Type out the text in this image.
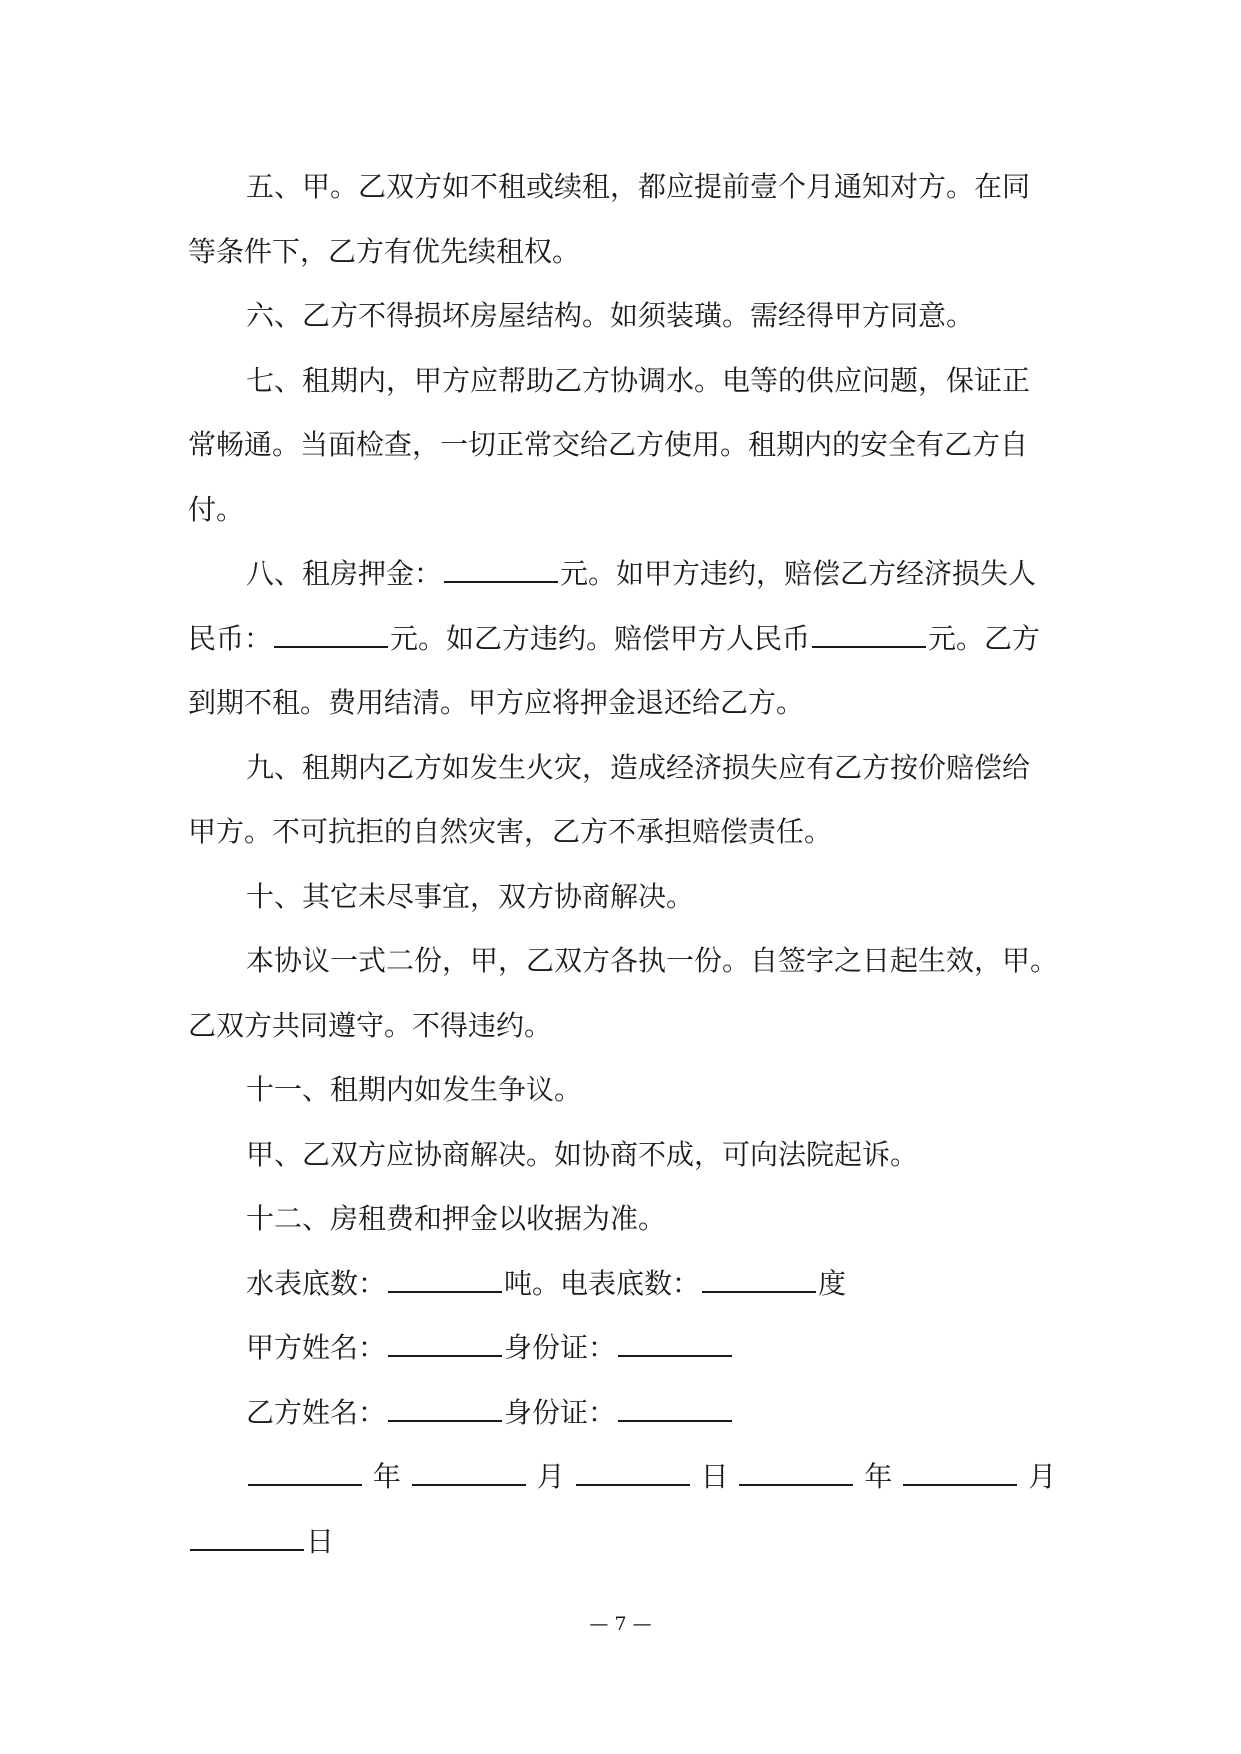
五、甲。乙双方如不租或续租，都应提前壹个月通知对方。在同

等条件下，乙方有优先续租权。

六、乙方不得损坏房屋结构。如须装璜。需经得甲方同意。

七、租期内，甲方应帮助乙方协调水。电等的供应问题，保证正

常畅通。当面检查，一切正常交给乙方使用。租期内的安全有乙方自

付。

八、租房押金：	元。如甲方违约，赔偿乙方经济损失人

民币：	元。如乙方违约。赔偿甲方人民币	元。乙方

到期不租。费用结清。甲方应将押金退还给乙方。

九、租期内乙方如发生火灾，造成经济损失应有乙方按价赔偿给

甲方。不可抗拒的自然灾害，乙方不承担赔偿责任。

十、其它未尽事宜，双方协商解决。

本协议一式二份，甲，乙双方各执一份。自签字之日起生效，甲。

乙双方共同遵守。不得违约。

十一、租期内如发生争议。

甲、乙双方应协商解决。如协商不成，可向法院起诉。

十二、房租费和押金以收据为准。

水表底数：	吨。电表底数：	度

甲方姓名：	身份证：

乙方姓名：	身份证：

年	月	日	年	月

日

— 7 —
